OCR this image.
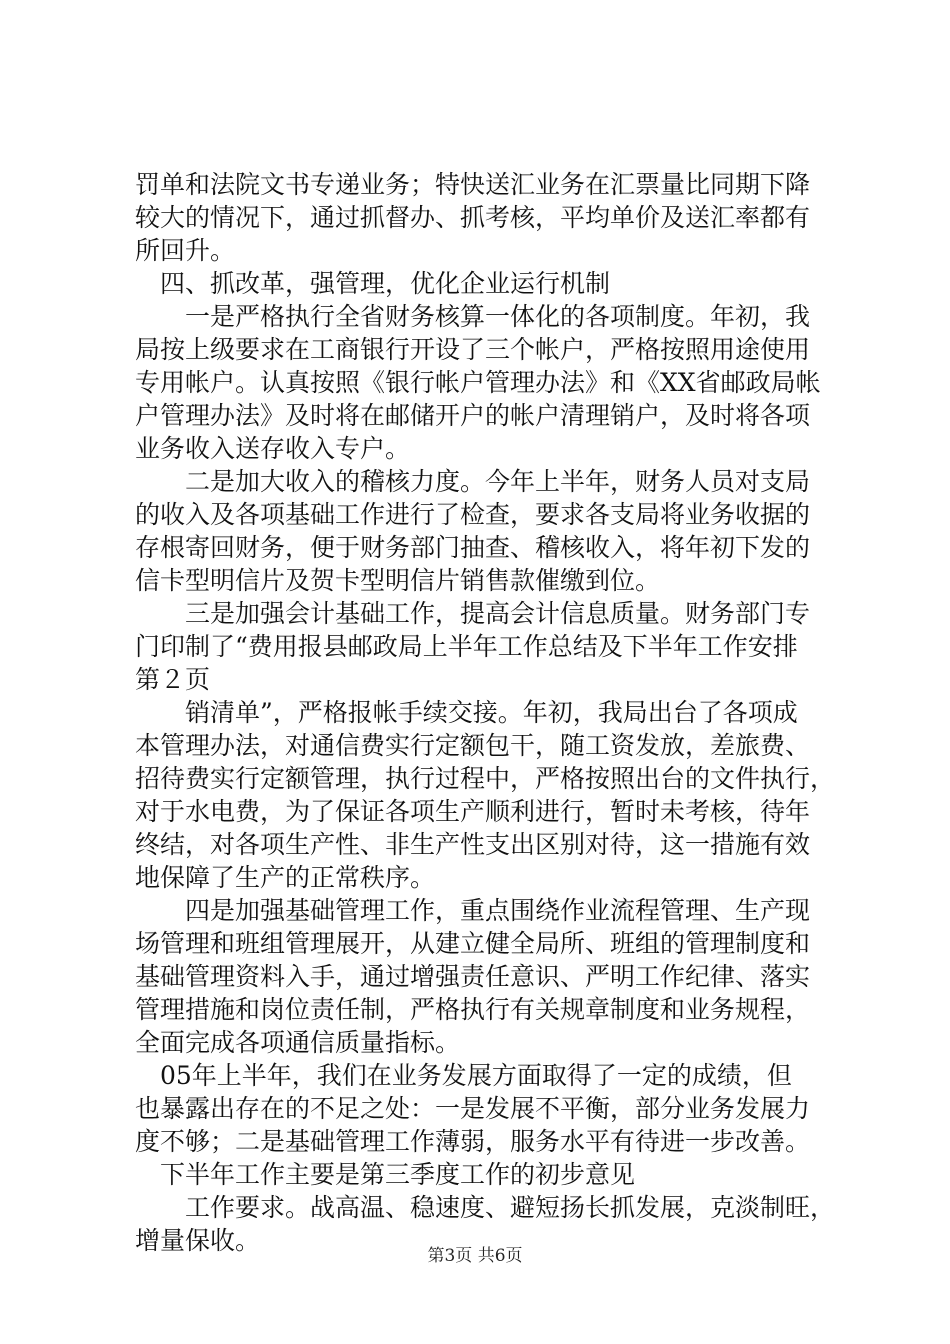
罚单和法院文书专递业务；特快送汇业务在汇票量比同期下降
较大的情况下，通过抓督办、抓考核，平均单价及送汇率都有
所回升。
四、抓改革，强管理，优化企业运行机制
一是严格执行全省财务核算一体化的各项制度。年初，我
局按上级要求在工商银行开设了三个帐户，严格按照用途使用
专用帐户。认真按照《银行帐户管理办法》和《XX省邮政局帐
户管理办法》及时将在邮储开户的帐户清理销户，及时将各项
业务收入送存收入专户。
二是加大收入的稽核力度。今年上半年，财务人员对支局
的收入及各项基础工作进行了检查，要求各支局将业务收据的
存根寄回财务，便于财务部门抽查、稽核收入，将年初下发的
信卡型明信片及贺卡型明信片销售款催缴到位。
三是加强会计基础工作，提高会计信息质量。财务部门专
门印制了“费用报县邮政局上半年工作总结及下半年工作安排
第２页
销清单”，严格报帐手续交接。年初，我局出台了各项成
本管理办法，对通信费实行定额包干，随工资发放，差旅费、
招待费实行定额管理，执行过程中，严格按照出台的文件执行，
对于水电费，为了保证各项生产顺利进行，暂时未考核，待年
终结，对各项生产性、非生产性支出区别对待，这一措施有效
地保障了生产的正常秩序。
四是加强基础管理工作，重点围绕作业流程管理、生产现
场管理和班组管理展开，从建立健全局所、班组的管理制度和
基础管理资料入手，通过增强责任意识、严明工作纪律、落实
管理措施和岗位责任制，严格执行有关规章制度和业务规程，
全面完成各项通信质量指标。
05年上半年，我们在业务发展方面取得了一定的成绩，但
也暴露出存在的不足之处：一是发展不平衡，部分业务发展力
度不够；二是基础管理工作薄弱，服务水平有待进一步改善。
下半年工作主要是第三季度工作的初步意见
工作要求。战高温、稳速度、避短扬长抓发展，克淡制旺，
增量保收。
第3页 共6页
